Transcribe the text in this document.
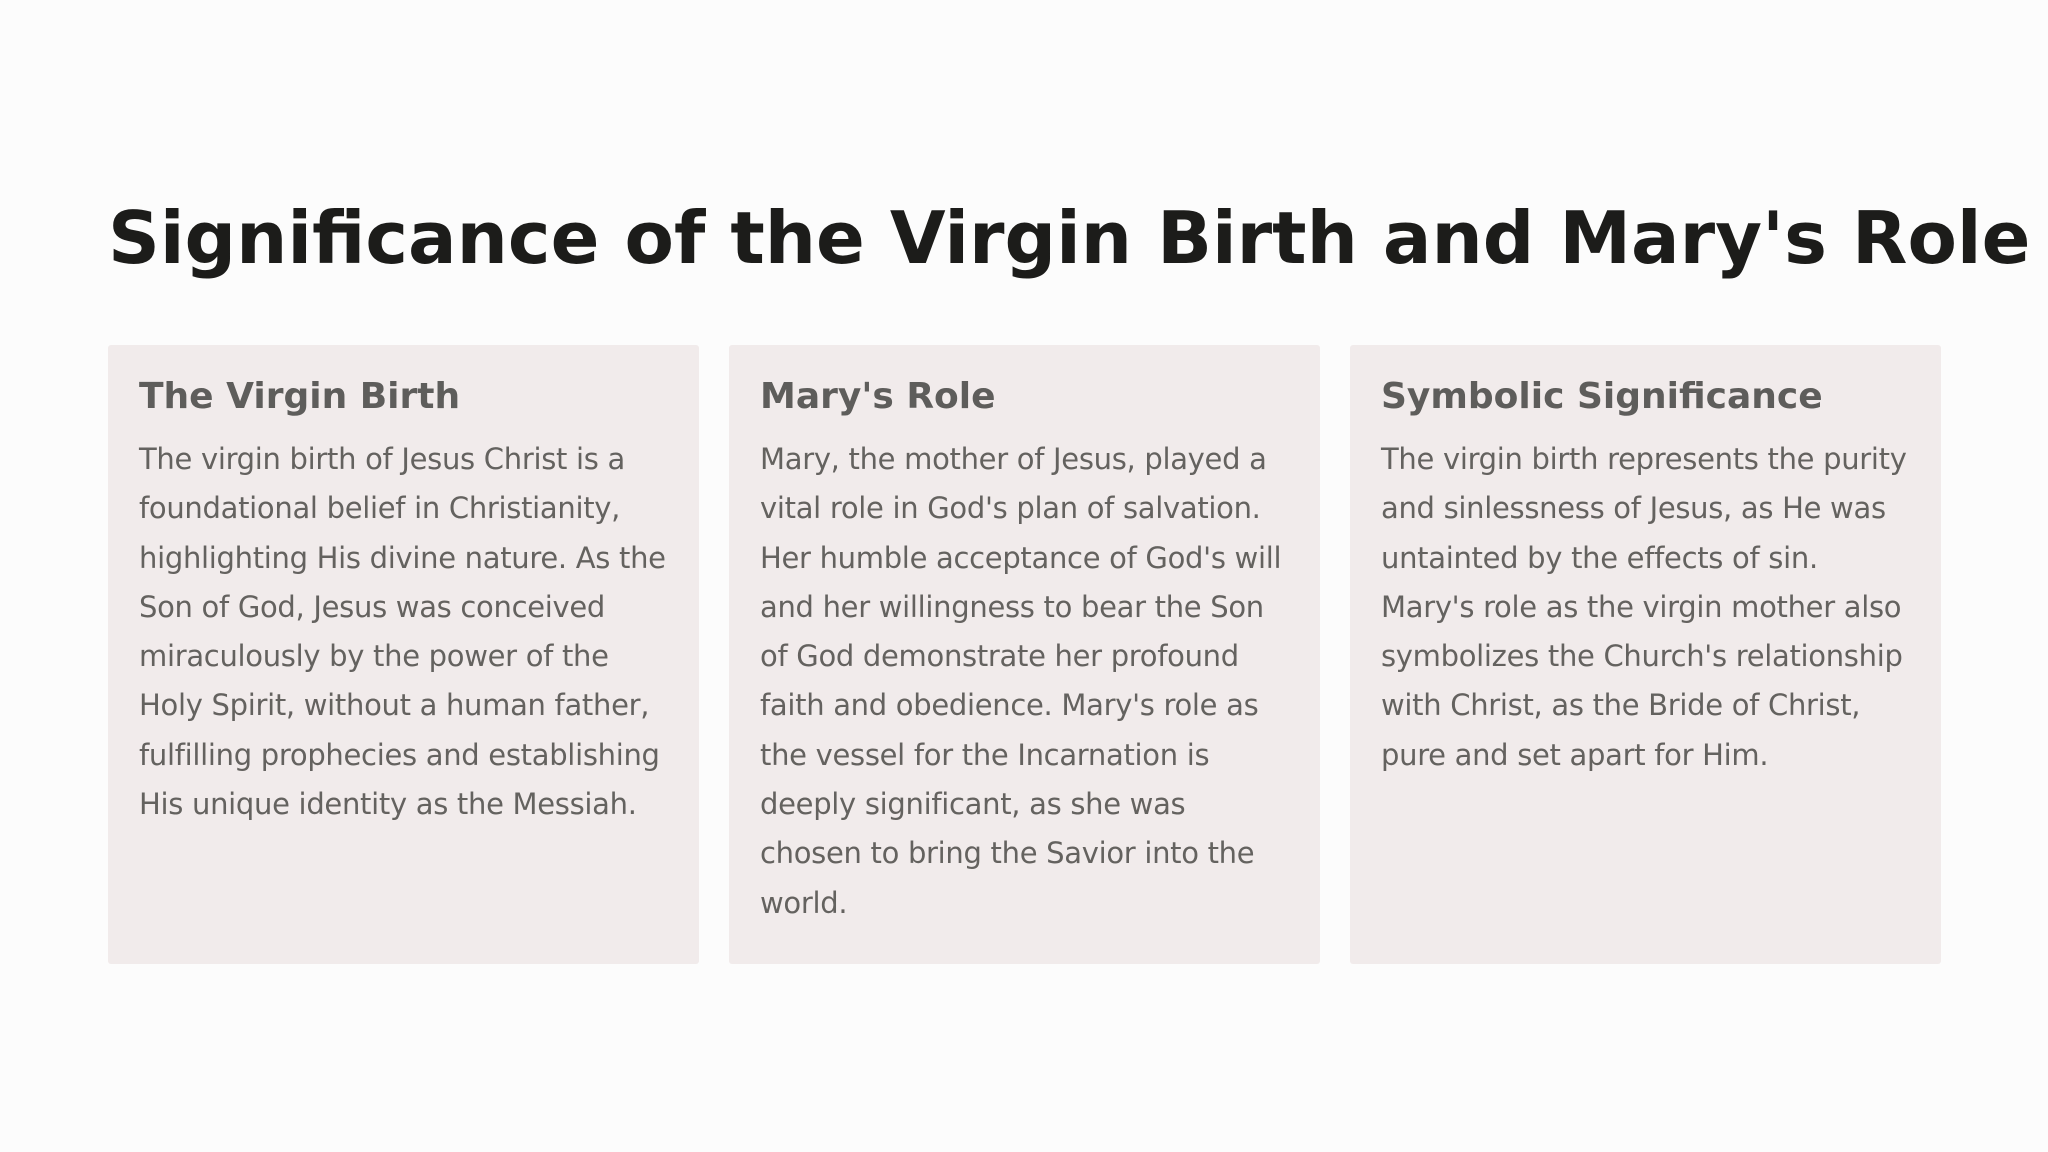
Significance of the Virgin Birth and Mary's Role
The Virgin Birth

The virgin birth of Jesus Christ is a foundational belief in Christianity, highlighting His divine nature. As the Son of God, Jesus was conceived miraculously by the power of the Holy Spirit, without a human father, fulfilling prophecies and establishing His unique identity as the Messiah.

Mary's Role

Mary, the mother of Jesus, played a vital role in God's plan of salvation. Her humble acceptance of God's will and her willingness to bear the Son of God demonstrate her profound faith and obedience. Mary's role as the vessel for the Incarnation is deeply significant, as she was chosen to bring the Savior into the world.

Symbolic Significance

The virgin birth represents the purity and sinlessness of Jesus, as He was untainted by the effects of sin. Mary's role as the virgin mother also symbolizes the Church's relationship with Christ, as the Bride of Christ, pure and set apart for Him.
